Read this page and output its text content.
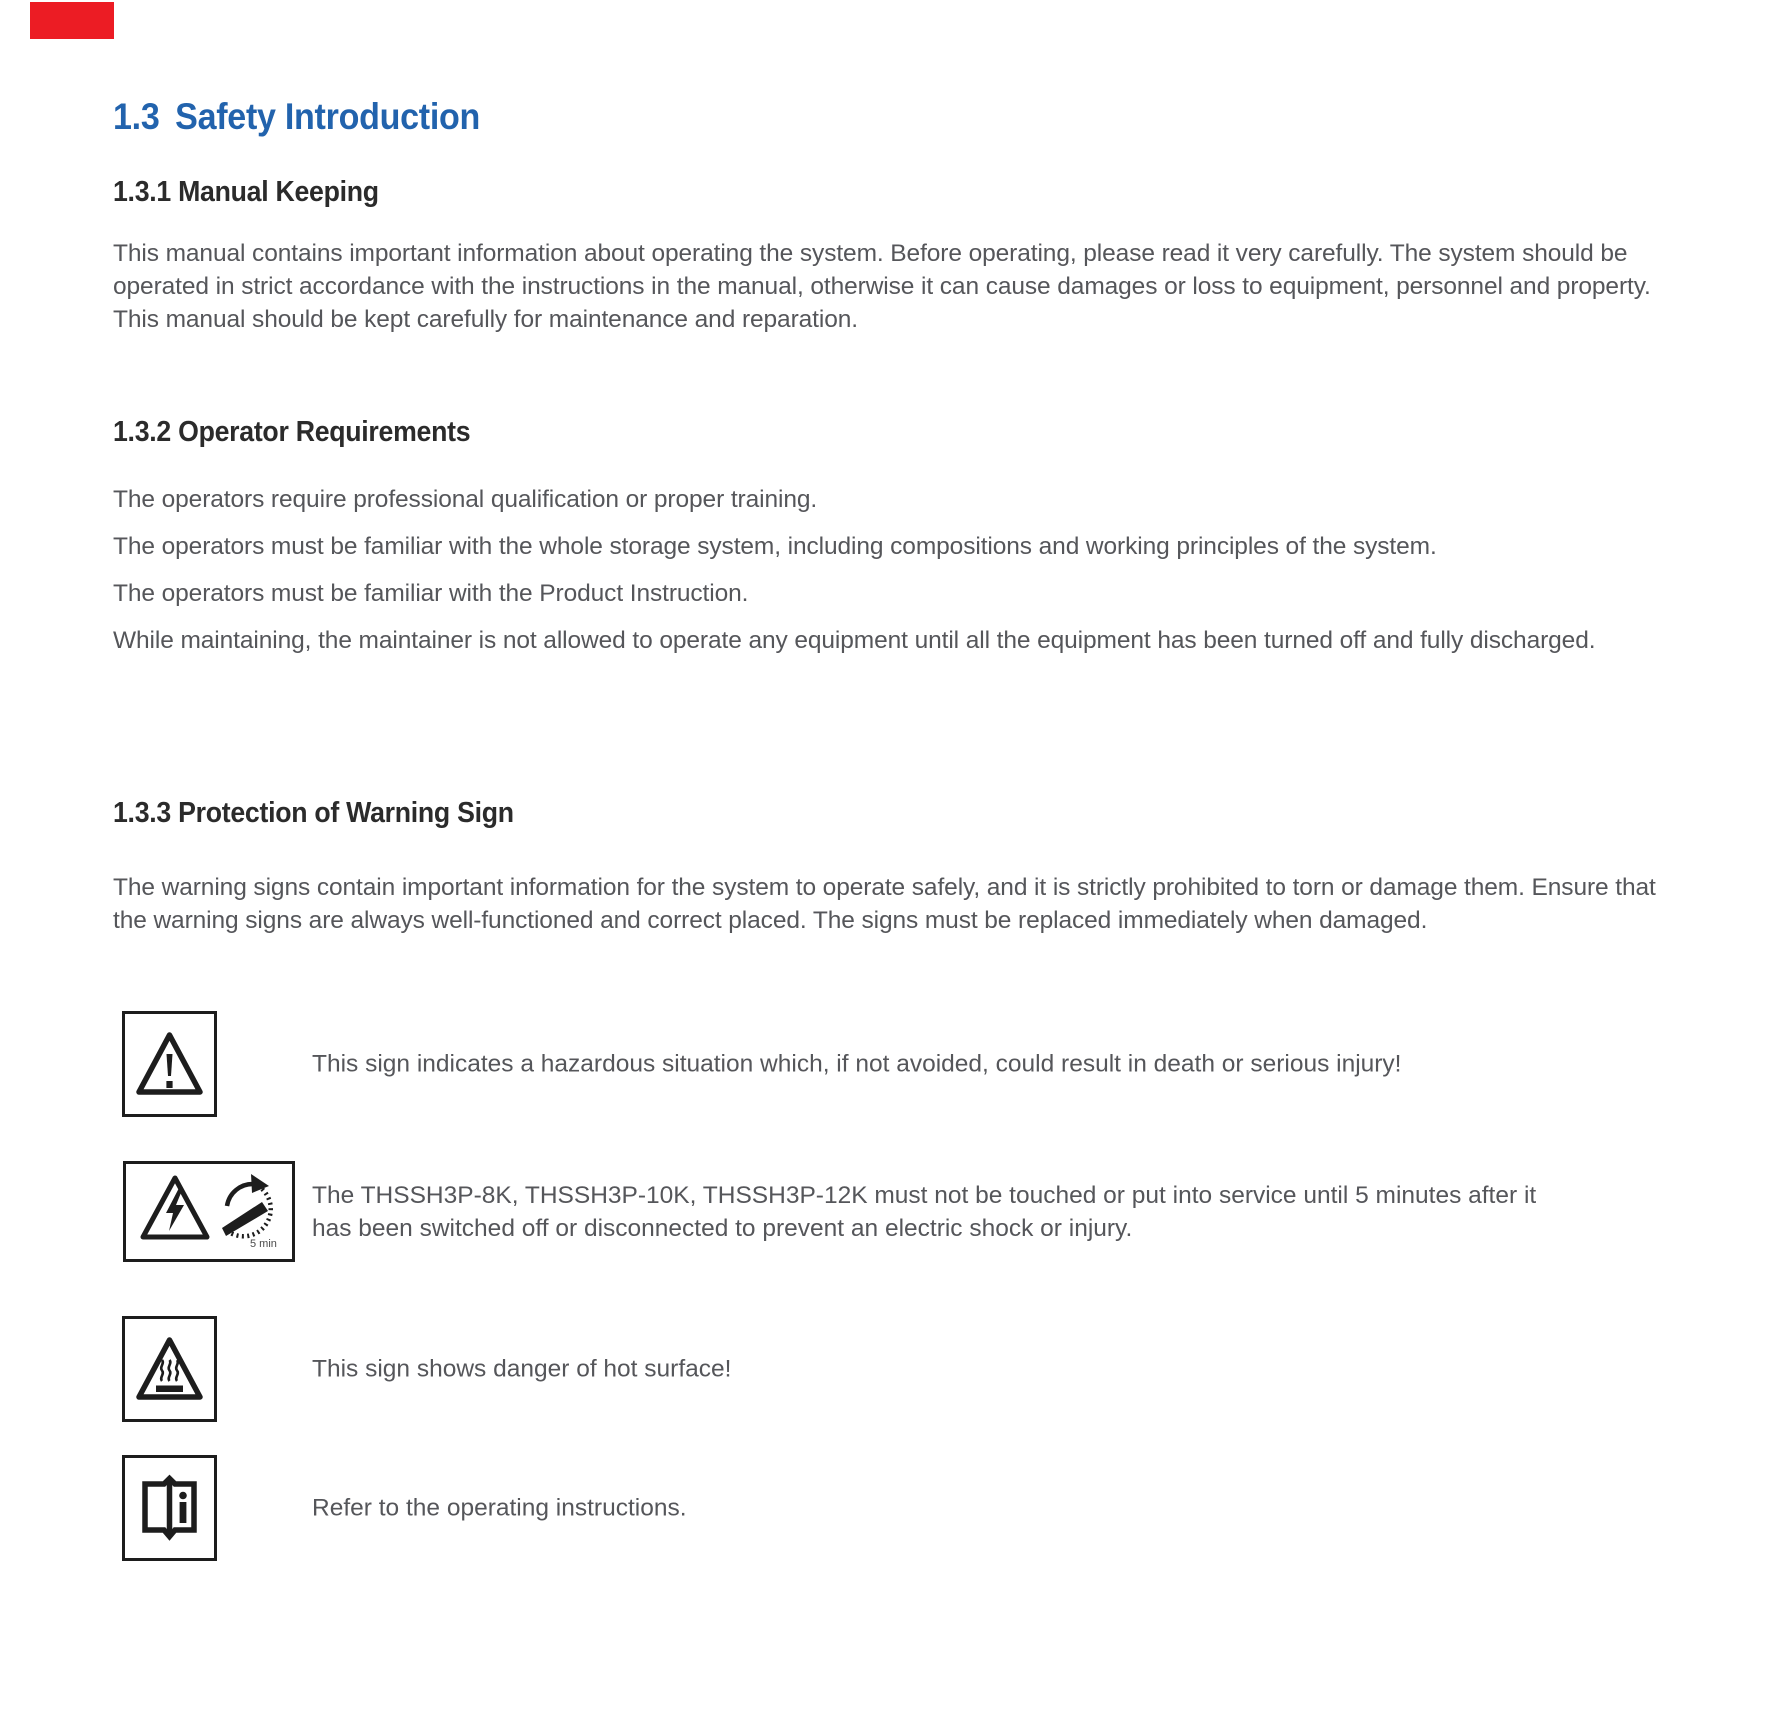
1.3 Safety Introduction
1.3.1 Manual Keeping

This manual contains important information about operating the system. Before operating, please read it very carefully. The system should be operated in strict accordance with the instructions in the manual, otherwise it can cause damages or loss to equipment, personnel and property. This manual should be kept carefully for maintenance and reparation.

1.3.2 Operator Requirements

The operators require professional qualification or proper training.

The operators must be familiar with the whole storage system, including compositions and working principles of the system.

The operators must be familiar with the Product Instruction.

While maintaining, the maintainer is not allowed to operate any equipment until all the equipment has been turned off and fully discharged.

1.3.3 Protection of Warning Sign

The warning signs contain important information for the system to operate safely, and it is strictly prohibited to torn or damage them. Ensure that the warning signs are always well-functioned and correct placed. The signs must be replaced immediately when damaged.

This sign indicates a hazardous situation which, if not avoided, could result in death or serious injury!

5 min

The THSSH3P-8K, THSSH3P-10K, THSSH3P-12K must not be touched or put into service until 5 minutes after it has been switched off or disconnected to prevent an electric shock or injury.

This sign shows danger of hot surface!

Refer to the operating instructions.
